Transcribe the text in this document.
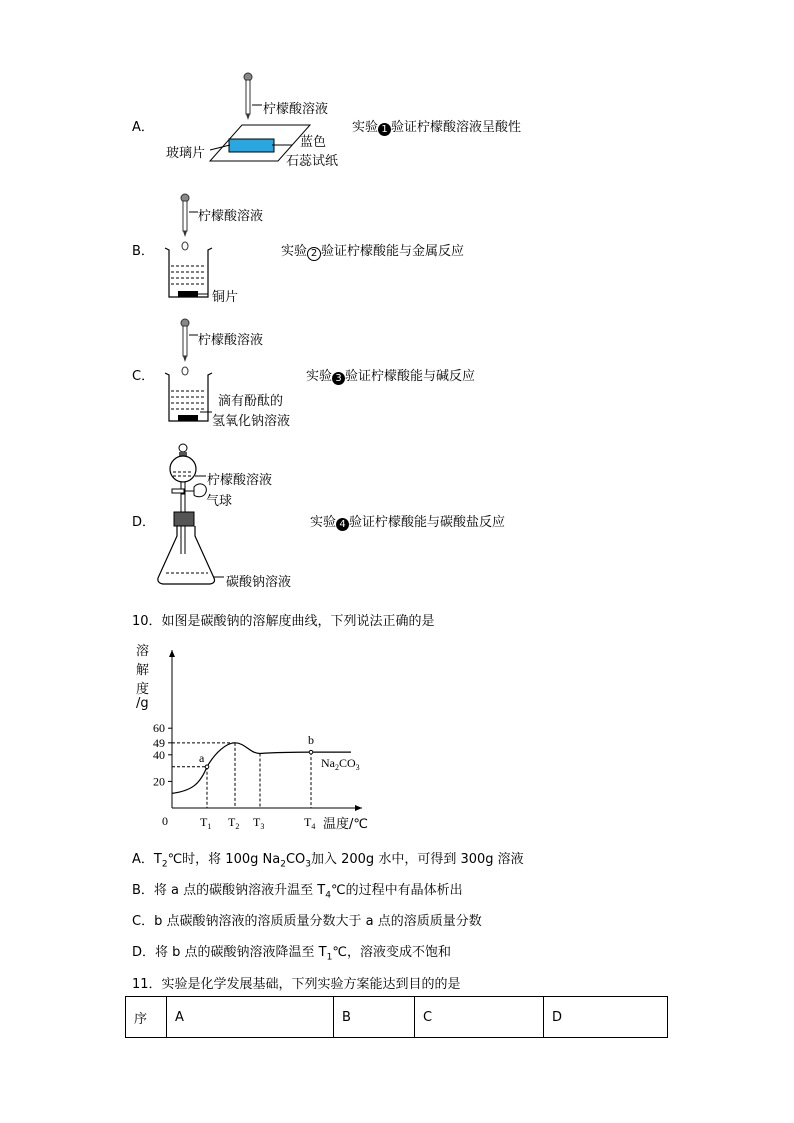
A．
柠檬酸溶液
玻璃片
蓝色
石蕊试纸
实验 1 验证柠檬酸溶液呈酸性
B．
柠檬酸溶液
铜片
实验 2 验证柠檬酸能与金属反应
C．
柠檬酸溶液
滴有酚酞的
氢氧化钠溶液
实验 3 验证柠檬酸能与碱反应
D．
柠檬酸溶液
气球
碳酸钠溶液
实验 4 验证柠檬酸能与碳酸盐反应
10．如图是碳酸钠的溶解度曲线，下列说法正确的是
溶
解
度
/g
0
20
40
49
60
$T_1$ $T_2$ $T_3$	$T_4$ 温度/℃
a
b
$Na_2CO_3$
A．$T_2℃$时，将 100g $Na_2CO_3$加入 200g 水中，可得到 300g 溶液
B．将 a 点的碳酸钠溶液升温至 $T_4℃$的过程中有晶体析出
C．b 点碳酸钠溶液的溶质质量分数大于 a 点的溶质质量分数
D．将 b 点的碳酸钠溶液降温至 $T_1℃$，溶液变成不饱和
11．实验是化学发展基础，下列实验方案能达到目的的是
序	A	B	C	D
